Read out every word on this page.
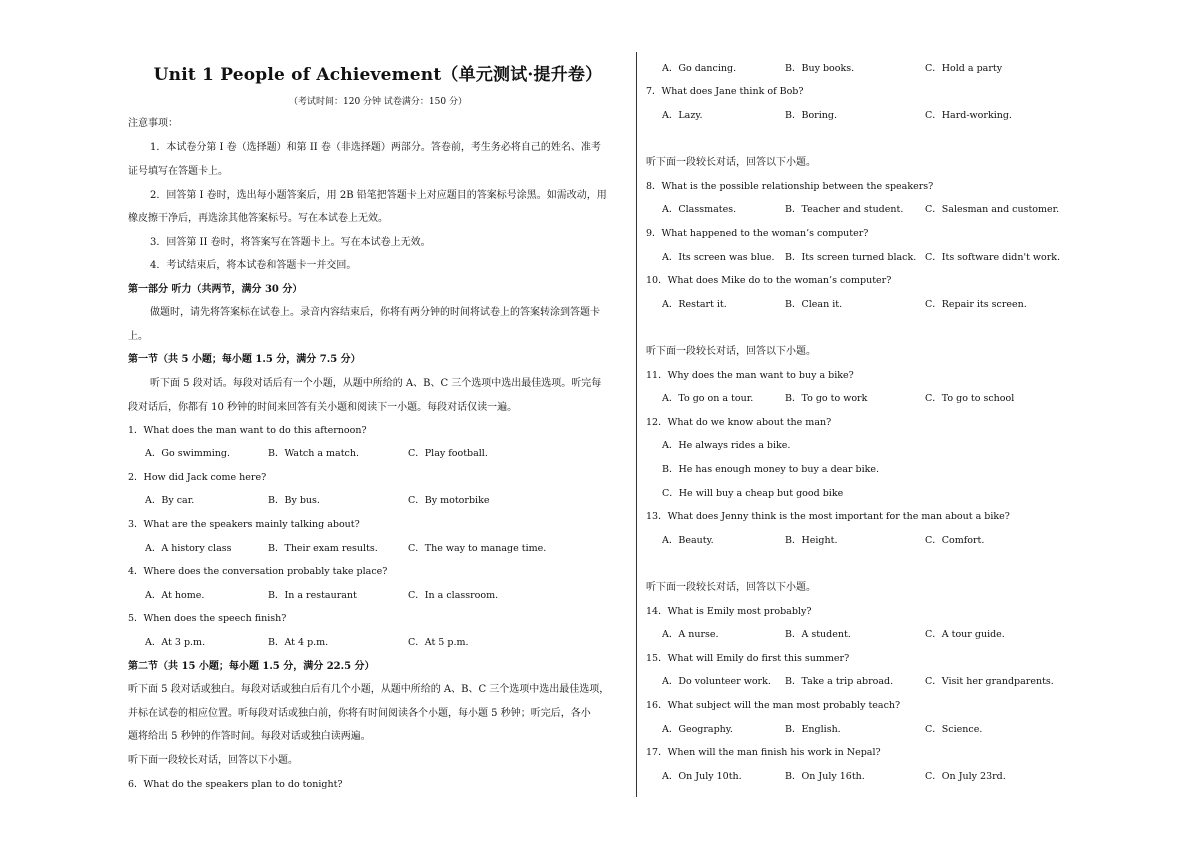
Unit 1 People of Achievement（单元测试·提升卷）
（考试时间：120 分钟 试卷满分：150 分）
注意事项：
1．本试卷分第 I 卷（选择题）和第 II 卷（非选择题）两部分。答卷前，考生务必将自己的姓名、准考
证号填写在答题卡上。
2．回答第 I 卷时，选出每小题答案后，用 2B 铅笔把答题卡上对应题目的答案标号涂黑。如需改动，用
橡皮擦干净后，再选涂其他答案标号。写在本试卷上无效。
3．回答第 II 卷时，将答案写在答题卡上。写在本试卷上无效。
4．考试结束后，将本试卷和答题卡一并交回。
第一部分 听力（共两节，满分 30 分）
做题时，请先将答案标在试卷上。录音内容结束后，你将有两分钟的时间将试卷上的答案转涂到答题卡
上。
第一节（共 5 小题；每小题 1.5 分，满分 7.5 分）
听下面 5 段对话。每段对话后有一个小题，从题中所给的 A、B、C 三个选项中选出最佳选项。听完每
段对话后，你都有 10 秒钟的时间来回答有关小题和阅读下一小题。每段对话仅读一遍。
1．What does the man want to do this afternoon?
A．Go swimming.	B．Watch a match.	C．Play football.
2．How did Jack come here?
A．By car.	B．By bus.	C．By motorbike
3．What are the speakers mainly talking about?
A．A history class	B．Their exam results.	C．The way to manage time.
4．Where does the conversation probably take place?
A．At home.	B．In a restaurant	C．In a classroom.
5．When does the speech finish?
A．At 3 p.m.	B．At 4 p.m.	C．At 5 p.m.
第二节（共 15 小题；每小题 1.5 分，满分 22.5 分）
听下面 5 段对话或独白。每段对话或独白后有几个小题，从题中所给的 A、B、C 三个选项中选出最佳选项，
并标在试卷的相应位置。听每段对话或独白前，你将有时间阅读各个小题，每小题 5 秒钟；听完后，各小
题将给出 5 秒钟的作答时间。每段对话或独白读两遍。
听下面一段较长对话，回答以下小题。
6．What do the speakers plan to do tonight?
A．Go dancing.	B．Buy books.	C．Hold a party
7．What does Jane think of Bob?
A．Lazy.	B．Boring.	C．Hard-working.
听下面一段较长对话，回答以下小题。
8．What is the possible relationship between the speakers?
A．Classmates.	B．Teacher and student. C．Salesman and customer.
9．What happened to the woman’s computer?
A．Its screen was blue. B．Its screen turned black. C．Its software didn't work.
10．What does Mike do to the woman’s computer?
A．Restart it.	B．Clean it.	C．Repair its screen.
听下面一段较长对话，回答以下小题。
11．Why does the man want to buy a bike?
A．To go on a tour.	B．To go to work	C．To go to school
12．What do we know about the man?
A．He always rides a bike.
B．He has enough money to buy a dear bike.
C．He will buy a cheap but good bike
13．What does Jenny think is the most important for the man about a bike?
A．Beauty.	B．Height.	C．Comfort.
听下面一段较长对话，回答以下小题。
14．What is Emily most probably?
A．A nurse.	B．A student.	C．A tour guide.
15．What will Emily do first this summer?
A．Do volunteer work. B．Take a trip abroad.	C．Visit her grandparents.
16．What subject will the man most probably teach?
A．Geography.	B．English.	C．Science.
17．When will the man finish his work in Nepal?
A．On July 10th.	B．On July 16th.	C．On July 23rd.
